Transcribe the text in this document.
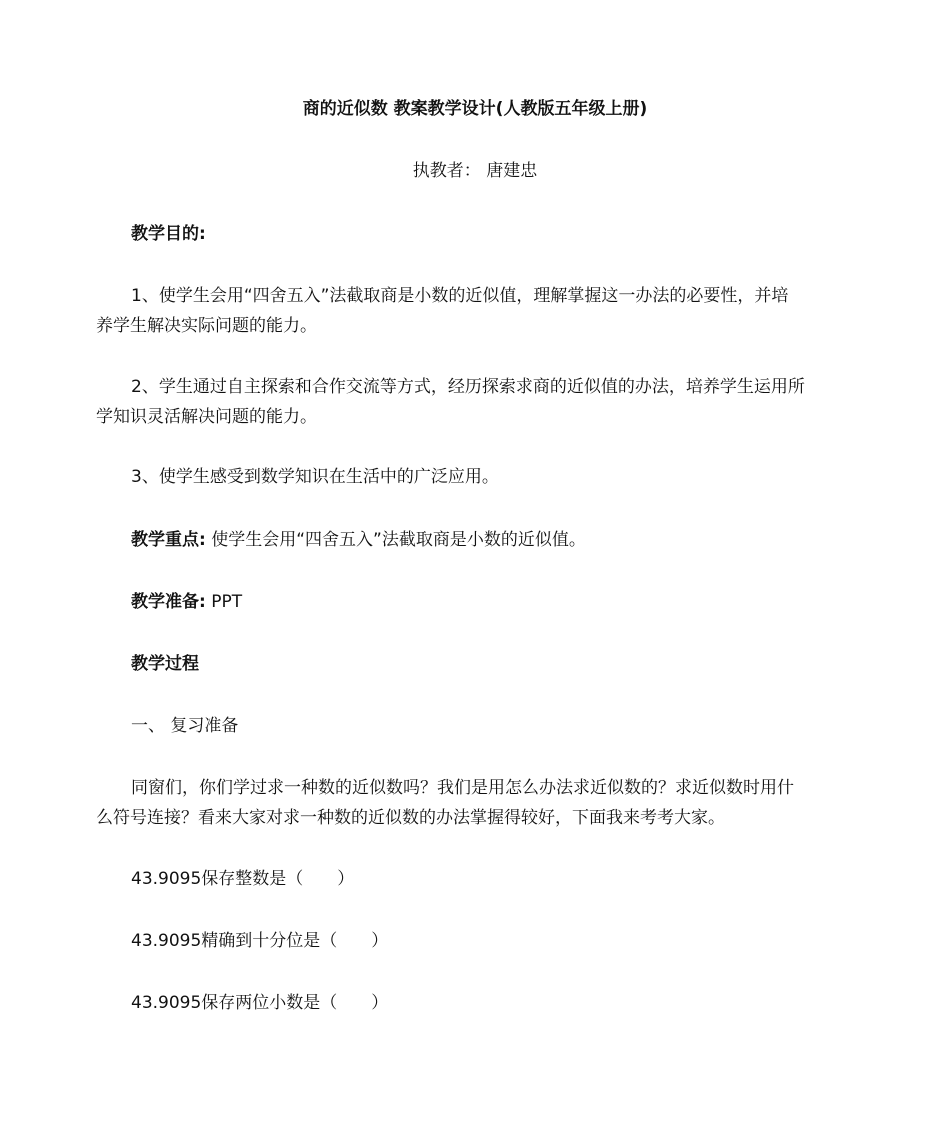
商的近似数 教案教学设计(人教版五年级上册)
执教者： 唐建忠
教学目的:
1、使学生会用“四舍五入”法截取商是小数的近似值，理解掌握这一办法的必要性，并培
养学生解决实际问题的能力。
2、学生通过自主探索和合作交流等方式，经历探索求商的近似值的办法，培养学生运用所
学知识灵活解决问题的能力。
3、使学生感受到数学知识在生活中的广泛应用。
教学重点: 使学生会用“四舍五入”法截取商是小数的近似值。
教学准备: PPT
教学过程
一、 复习准备
同窗们，你们学过求一种数的近似数吗？我们是用怎么办法求近似数的？求近似数时用什
么符号连接？看来大家对求一种数的近似数的办法掌握得较好，下面我来考考大家。
43.9095保存整数是（　　）
43.9095精确到十分位是（　　）
43.9095保存两位小数是（　　）
